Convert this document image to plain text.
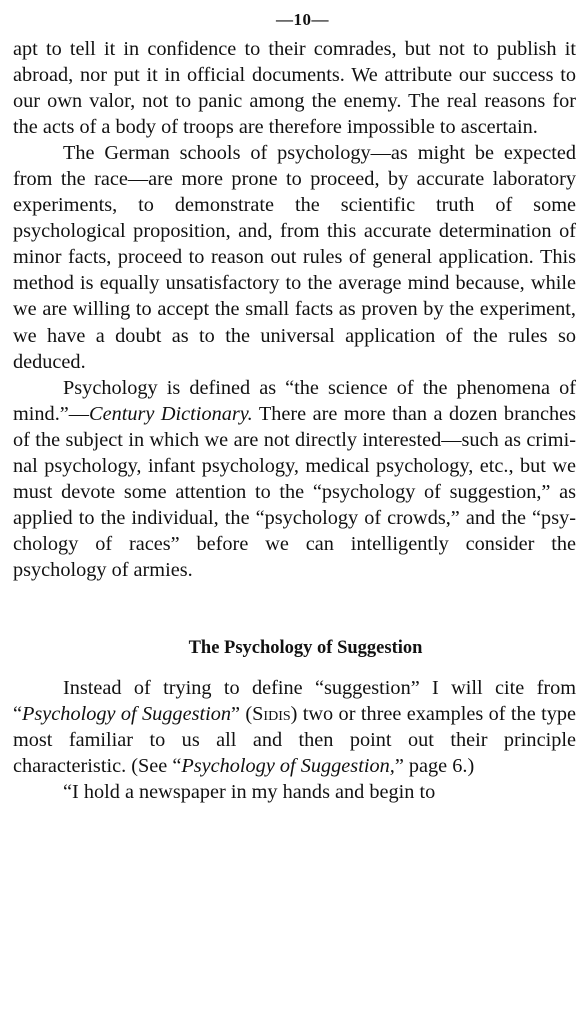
—10—

apt to tell it in confidence to their comrades, but not to publish it abroad, nor put it in official documents. We attribute our success to our own valor, not to panic among the enemy. The real reasons for the acts of a body of troops are therefore impossible to ascertain.

The German schools of psychology—as might be expected from the race—are more prone to proceed, by accurate laboratory experiments, to demonstrate the scientific truth of some psychological proposition, and, from this accurate determination of minor facts, proceed to reason out rules of general application. This method is equally unsatisfactory to the average mind because, while we are willing to accept the small facts as proven by the experiment, we have a doubt as to the universal application of the rules so deduced.

Psychology is defined as “the science of the phenomena of mind.”—Century Dictionary. There are more than a dozen branches of the subject in which we are not directly interested—such as criminal psychology, infant psychology, medical psychology, etc., but we must devote some attention to the “psychology of suggestion,” as applied to the individual, the “psychology of crowds,” and the “psychology of races” before we can intelligently consider the psychology of armies.

The Psychology of Suggestion

Instead of trying to define “suggestion” I will cite from “Psychology of Suggestion” (Sidis) two or three examples of the type most familiar to us all and then point out their principle characteristic. (See “Psychology of Suggestion,” page 6.)

“I hold a newspaper in my hands and begin to
